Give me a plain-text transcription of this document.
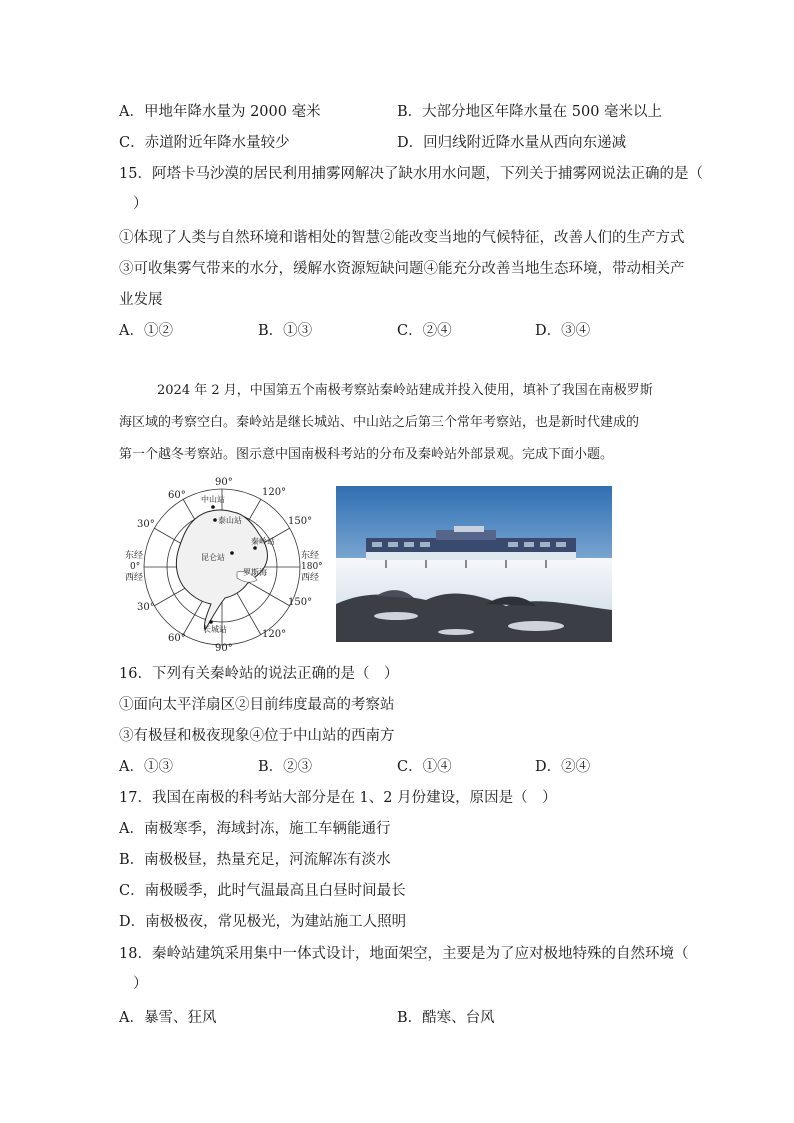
A．甲地年降水量为 2000 毫米	B．大部分地区年降水量在 500 毫米以上
C．赤道附近年降水量较少	D．回归线附近降水量从西向东递减
15．阿塔卡马沙漠的居民利用捕雾网解决了缺水用水问题，下列关于捕雾网说法正确的是（
）
①体现了人类与自然环境和谐相处的智慧②能改变当地的气候特征，改善人们的生产方式
③可收集雾气带来的水分，缓解水资源短缺问题④能充分改善当地生态环境，带动相关产
业发展
A．①②	B．①③	C．②④	D．③④
2024 年 2 月，中国第五个南极考察站秦岭站建成并投入使用，填补了我国在南极罗斯
海区域的考察空白。秦岭站是继长城站、中山站之后第三个常年考察站，也是新时代建成的
第一个越冬考察站。图示意中国南极科考站的分布及秦岭站外部景观。完成下面小题。
90°
90°
60°	120°
30°	150°
东经
0°
西经
东经
180°
西经
30°	150°
60°	120°
中山站
泰山站
秦岭站
昆仑站
罗斯海
长城站
16．下列有关秦岭站的说法正确的是（　）
①面向太平洋扇区②目前纬度最高的考察站
③有极昼和极夜现象④位于中山站的西南方
A．①③	B．②③	C．①④	D．②④
17．我国在南极的科考站大部分是在 1、2 月份建设，原因是（　）
A．南极寒季，海域封冻，施工车辆能通行
B．南极极昼，热量充足，河流解冻有淡水
C．南极暖季，此时气温最高且白昼时间最长
D．南极极夜，常见极光，为建站施工人照明
18．秦岭站建筑采用集中一体式设计，地面架空，主要是为了应对极地特殊的自然环境（
）
A．暴雪、狂风	B．酷寒、台风
